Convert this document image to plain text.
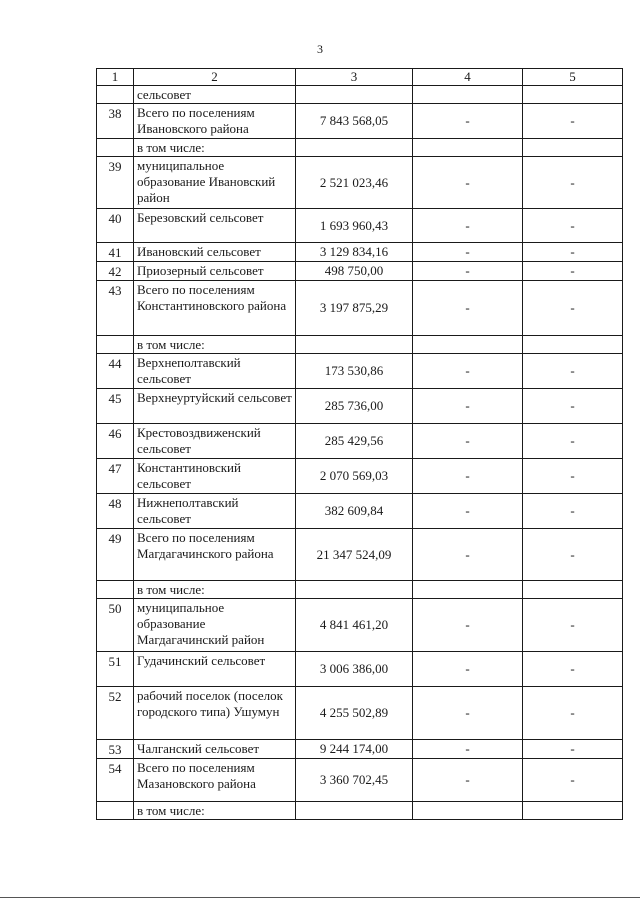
3
1	2	3	4	5
	сельсовет			
38	Всего по поселениям Ивановского района	7 843 568,05	-	-
	в том числе:			
39	муниципальное образование Ивановский район	2 521 023,46	-	-
40	Березовский сельсовет	1 693 960,43	-	-
41	Ивановский сельсовет	3 129 834,16	-	-
42	Приозерный сельсовет	498 750,00	-	-
43	Всего по поселениям Константиновского района	3 197 875,29	-	-
	в том числе:			
44	Верхнеполтавский сельсовет	173 530,86	-	-
45	Верхнеуртуйский сельсовет	285 736,00	-	-
46	Крестовоздвиженский сельсовет	285 429,56	-	-
47	Константиновский сельсовет	2 070 569,03	-	-
48	Нижнеполтавский сельсовет	382 609,84	-	-
49	Всего по поселениям Магдагачинского района	21 347 524,09	-	-
	в том числе:			
50	муниципальное образование Магдагачинский район	4 841 461,20	-	-
51	Гудачинский сельсовет	3 006 386,00	-	-
52	рабочий поселок (поселок городского типа) Ушумун	4 255 502,89	-	-
53	Чалганский сельсовет	9 244 174,00	-	-
54	Всего по поселениям Мазановского района	3 360 702,45	-	-
	в том числе:			
